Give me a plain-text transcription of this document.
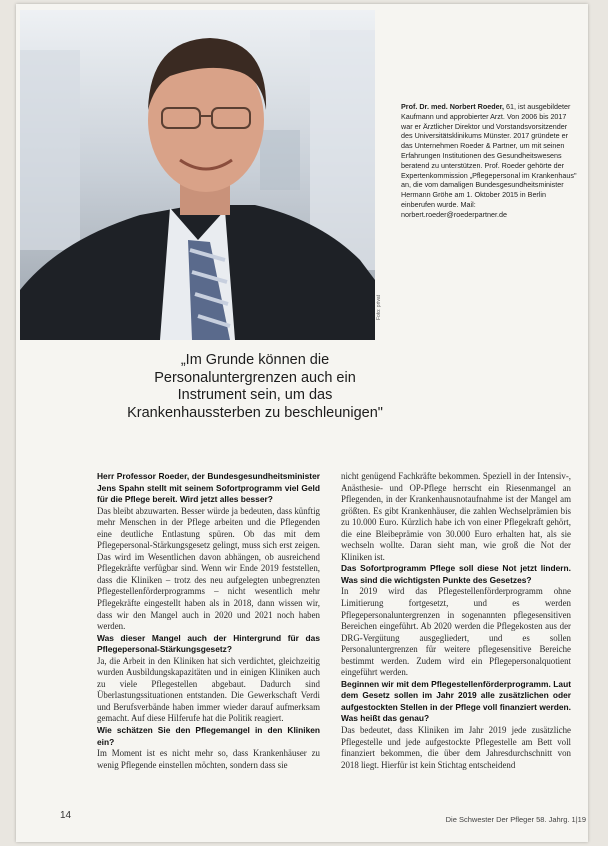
Foto: privat
Prof. Dr. med. Norbert Roeder, 61, ist ausgebildeter Kaufmann und approbierter Arzt. Von 2006 bis 2017 war er Ärztlicher Direktor und Vorstandsvorsitzender des Universitätsklinikums Münster. 2017 gründete er das Unternehmen Roeder & Partner, um mit seinen Erfahrungen Institutionen des Gesundheitswesens beratend zu unterstützen. Prof. Roeder gehörte der Expertenkommission „Pflegepersonal im Krankenhaus" an, die vom damaligen Bundesgesundheitsminister Hermann Gröhe am 1. Oktober 2015 in Berlin einberufen wurde. Mail: norbert.roeder@roederpartner.de
„Im Grunde können die Personaluntergrenzen auch ein Instrument sein, um das Krankenhaussterben zu beschleunigen"

Herr Professor Roeder, der Bundesgesundheitsminister Jens Spahn stellt mit seinem Sofortprogramm viel Geld für die Pflege bereit. Wird jetzt alles besser?

Das bleibt abzuwarten. Besser würde ja bedeuten, dass künftig mehr Menschen in der Pflege arbeiten und die Pflegenden eine deutliche Entlastung spüren. Ob das mit dem Pflegepersonal-Stärkungsgesetz gelingt, muss sich erst zeigen. Das wird im Wesentlichen davon abhängen, ob ausreichend Pflegekräfte verfügbar sind. Wenn wir Ende 2019 feststellen, dass die Kliniken – trotz des neu aufgelegten unbegrenzten Pflegestellenförderprogramms – nicht wesentlich mehr Pflegekräfte eingestellt haben als in 2018, dann wissen wir, dass wir den Mangel auch in 2020 und 2021 noch haben werden.

Was dieser Mangel auch der Hintergrund für das Pflegepersonal-Stärkungsgesetz?

Ja, die Arbeit in den Kliniken hat sich verdichtet, gleichzeitig wurden Ausbildungskapazitäten und in einigen Kliniken auch zu viele Pflegestellen abgebaut. Dadurch sind Überlastungssituationen entstanden. Die Gewerkschaft Verdi und Berufsverbände haben immer wieder darauf aufmerksam gemacht. Auf diese Hilferufe hat die Politik reagiert.

Wie schätzen Sie den Pflegemangel in den Kliniken ein?

Im Moment ist es nicht mehr so, dass Krankenhäuser zu wenig Pflegende einstellen möchten, sondern dass sie

nicht genügend Fachkräfte bekommen. Speziell in der Intensiv-, Anästhesie- und OP-Pflege herrscht ein Riesenmangel an Pflegenden, in der Krankenhausnotaufnahme ist der Mangel am größten. Es gibt Krankenhäuser, die zahlen Wechselprämien bis zu 10.000 Euro. Kürzlich habe ich von einer Pflegekraft gehört, die eine Bleibeprämie von 30.000 Euro erhalten hat, als sie wechseln wollte. Daran sieht man, wie groß die Not der Kliniken ist.

Das Sofortprogramm Pflege soll diese Not jetzt lindern. Was sind die wichtigsten Punkte des Gesetzes?

In 2019 wird das Pflegestellenförderprogramm ohne Limitierung fortgesetzt, und es werden Pflegepersonaluntergrenzen in sogenannten pflegesensitiven Bereichen eingeführt. Ab 2020 werden die Pflegekosten aus der DRG-Vergütung ausgegliedert, und es sollen Personaluntergrenzen für weitere pflegesensitive Bereiche bestimmt werden. Zudem wird ein Pflegepersonalquotient eingeführt werden.

Beginnen wir mit dem Pflegestellenförderprogramm. Laut dem Gesetz sollen im Jahr 2019 alle zusätzlichen oder aufgestockten Stellen in der Pflege voll finanziert werden. Was heißt das genau?

Das bedeutet, dass Kliniken im Jahr 2019 jede zusätzliche Pflegestelle und jede aufgestockte Pflegestelle am Bett voll finanziert bekommen, die über dem Jahresdurchschnitt von 2018 liegt. Hierfür ist kein Stichtag entscheidend

14	Die Schwester Der Pfleger 58. Jahrg. 1|19
